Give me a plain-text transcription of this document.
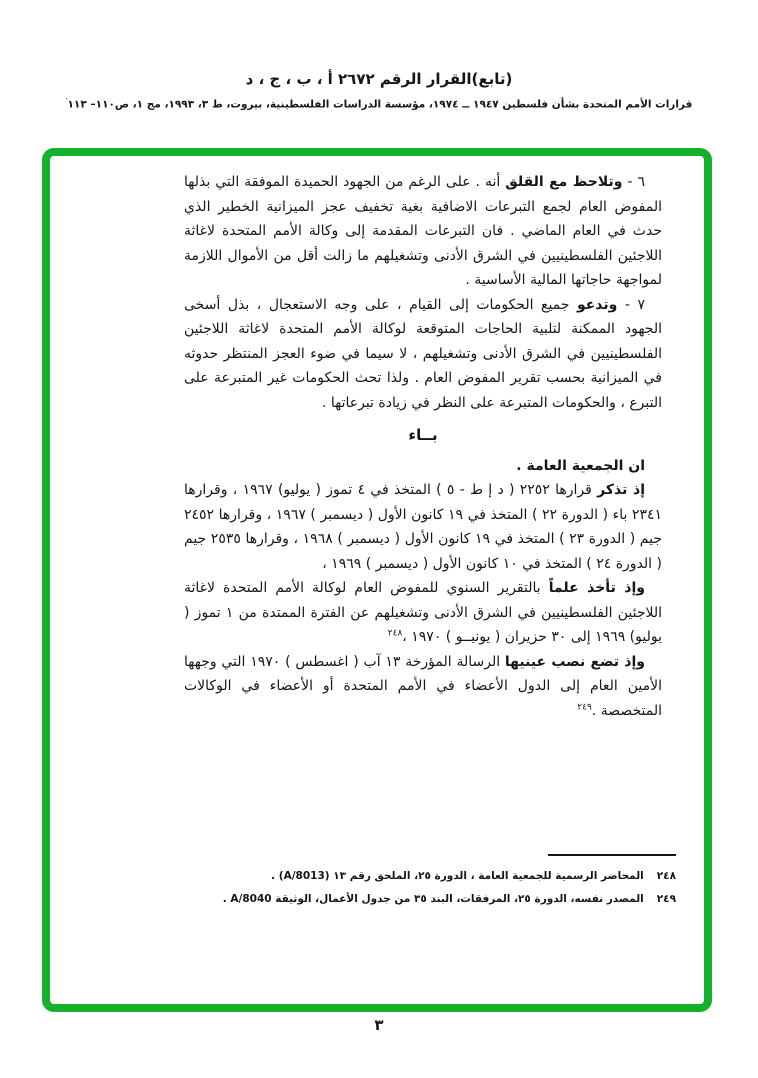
(تابع)القرار الرقم ٢٦٧٢ أ ، ب ، ج ، د
قرارات الأمم المتحدة بشأن فلسطين ١٩٤٧ ــ ١٩٧٤، مؤسسة الدراسات الفلسطينية، بيروت، ط ٣، ١٩٩٣، مج ١، ص١١٠– ١١٣′

٦ - وتلاحظ مع القلق أنه . على الرغم من الجهود الحميدة الموفقة التي بذلها المفوض العام لجمع التبرعات الاضافية بغية تخفيف عجز الميزانية الخطير الذي حدث في العام الماضي . فان التبرعات المقدمة إلى وكالة الأمم المتحدة لاغاثة اللاجئين الفلسطينيين في الشرق الأدنى وتشغيلهم ما زالت أقل من الأموال اللازمة لمواجهة حاجاتها المالية الأساسية .

٧ - وتدعو جميع الحكومات إلى القيام ، على وجه الاستعجال ، بذل أسخى الجهود الممكنة لتلبية الحاجات المتوقعة لوكالة الأمم المتحدة لاغاثة اللاجئين الفلسطينيين في الشرق الأدنى وتشغيلهم ، لا سيما في ضوء العجز المنتظر حدوثه في الميزانية بحسب تقرير المفوض العام . ولذا تحث الحكومات غير المتبرعة على التبرع ، والحكومات المتبرعة على النظر في زيادة تبرعاتها .

بــاء

ان الجمعية العامة .

إذ تذكر قرارها ٢٢٥٢ ( د إ ط - ٥ ) المتخذ في ٤ تموز ( يوليو) ١٩٦٧ ، وقرارها ٢٣٤١ باء ( الدورة ٢٢ ) المتخذ في ١٩ كانون الأول ( ديسمبر ) ١٩٦٧ ، وقرارها ٢٤٥٢ جيم ( الدورة ٢٣ ) المتخذ في ١٩ كانون الأول ( ديسمبر ) ١٩٦٨ ، وقرارها ٢٥٣٥ جيم ( الدورة ٢٤ ) المتخذ في ١٠ كانون الأول ( ديسمبر ) ١٩٦٩ ،

وإذ تأخذ علماً بالتقرير السنوي للمفوض العام لوكالة الأمم المتحدة لاغاثة اللاجئين الفلسطينيين في الشرق الأدنى وتشغيلهم عن الفترة الممتدة من ١ تموز ( يوليو) ١٩٦٩ إلى ٣٠ حزيران ( يونيــو ) ١٩٧٠ ،$^{٢٤٨}$

وإذ تضع نصب عينيها الرسالة المؤرخة ١٣ آب ( اغسطس ) ١٩٧٠ التي وجهها الأمين العام إلى الدول الأعضاء في الأمم المتحدة أو الأعضاء في الوكالات المتخصصة .$^{٢٤٩}$

٢٤٨المحاضر الرسمية للجمعية العامة ، الدورة ٢٥، الملحق رقم ١٣ (A/8013) .
٢٤٩المصدر نفسه، الدورة ٢٥، المرفقات، البند ٣٥ من جدول الأعمال، الوثيقة A/8040 .
٣
